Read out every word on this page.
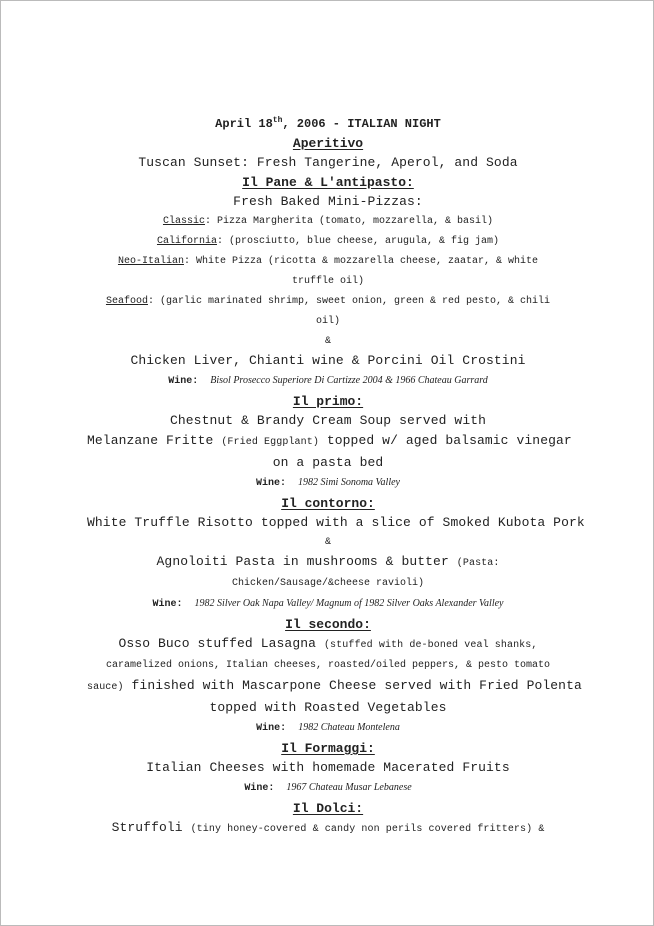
April 18th, 2006 - ITALIAN NIGHT
Aperitivo
Tuscan Sunset: Fresh Tangerine, Aperol, and Soda
Il Pane & L'antipasto:
Fresh Baked Mini-Pizzas:
Classic: Pizza Margherita (tomato, mozzarella, & basil)
California: (prosciutto, blue cheese, arugula, & fig jam)
Neo-Italian: White Pizza (ricotta & mozzarella cheese, zaatar, & white
truffle oil)
Seafood: (garlic marinated shrimp, sweet onion, green & red pesto, & chili
oil)
&
Chicken Liver, Chianti wine & Porcini Oil Crostini
Wine: Bisol Prosecco Superiore Di Cartizze 2004 & 1966 Chateau Garrard
Il primo:
Chestnut & Brandy Cream Soup served with
Melanzane Fritte (Fried Eggplant) topped w/ aged balsamic vinegar
on a pasta bed
Wine: 1982 Simi Sonoma Valley
Il contorno:
White Truffle Risotto topped with a slice of Smoked Kubota Pork
&
Agnoloiti Pasta in mushrooms & butter (Pasta:
Chicken/Sausage/&cheese ravioli)
Wine: 1982 Silver Oak Napa Valley/ Magnum of 1982 Silver Oaks Alexander Valley
Il secondo:
Osso Buco stuffed Lasagna (stuffed with de-boned veal shanks,
caramelized onions, Italian cheeses, roasted/oiled peppers, & pesto tomato
sauce) finished with Mascarpone Cheese served with Fried Polenta
topped with Roasted Vegetables
Wine: 1982 Chateau Montelena
Il Formaggi:
Italian Cheeses with homemade Macerated Fruits
Wine: 1967 Chateau Musar Lebanese
Il Dolci:
Struffoli (tiny honey-covered & candy non perils covered fritters) &
